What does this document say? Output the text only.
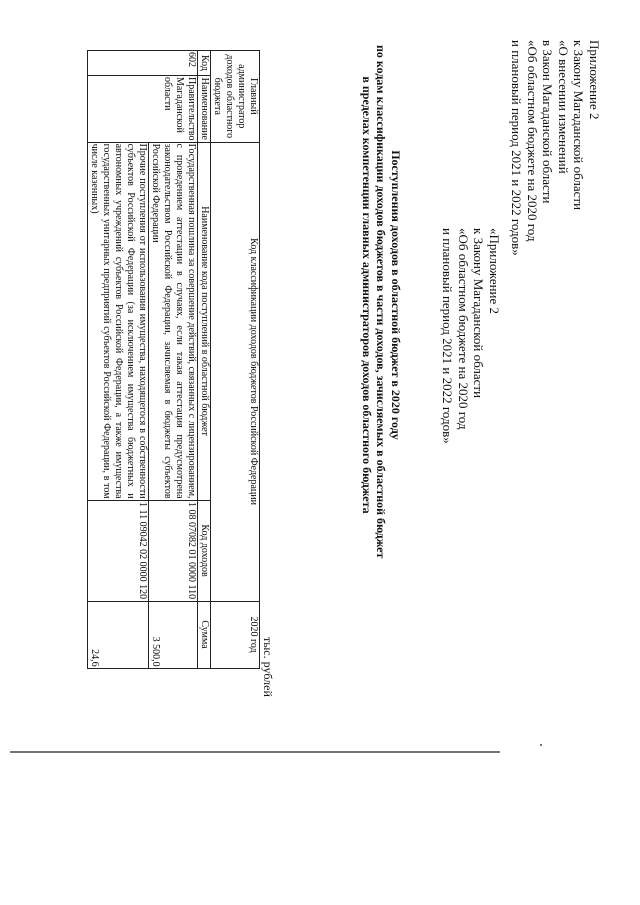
Приложение 2
к Закону Магаданской области
«О внесении изменений
в Закон Магаданской области
«Об областном бюджете на 2020 год
и плановый период 2021 и 2022 годов»
«Приложение 2
к Закону Магаданской области
«Об областном бюджете на 2020 год
и плановый период 2021 и 2022 годов»
Поступления доходов в областной бюджет в 2020 году
по кодам классификации доходов бюджетов в части доходов, зачисляемых в областной бюджет
в пределах компетенции главных администраторов доходов областного бюджета
тыс. рублей
Главный администратор доходов областного бюджета		Код классификации доходов бюджетов Российской Федерации		2020 год
Код	Наименование	Наименование кода поступлений в областной бюджет	Код доходов	Сумма
602	Правительство Магаданской области	Государственная пошлина за совершение действий, связанных с лицензированием, с проведением аттестации в случаях, если такая аттестация предусмотрена законодательством Российской Федерации, зачисляемая в бюджеты субъектов Российской Федерации	1 08 07082 01 0000 110	3 500,0
		Прочие поступления от использования имущества, находящегося в собственности субъектов Российской Федерации (за исключением имущества бюджетных и автономных учреждений субъектов Российской Федерации, а также имущества государственных унитарных предприятий субъектов Российской Федерации, в том числе казенных)	1 11 09042 02 0000 120	24,6
